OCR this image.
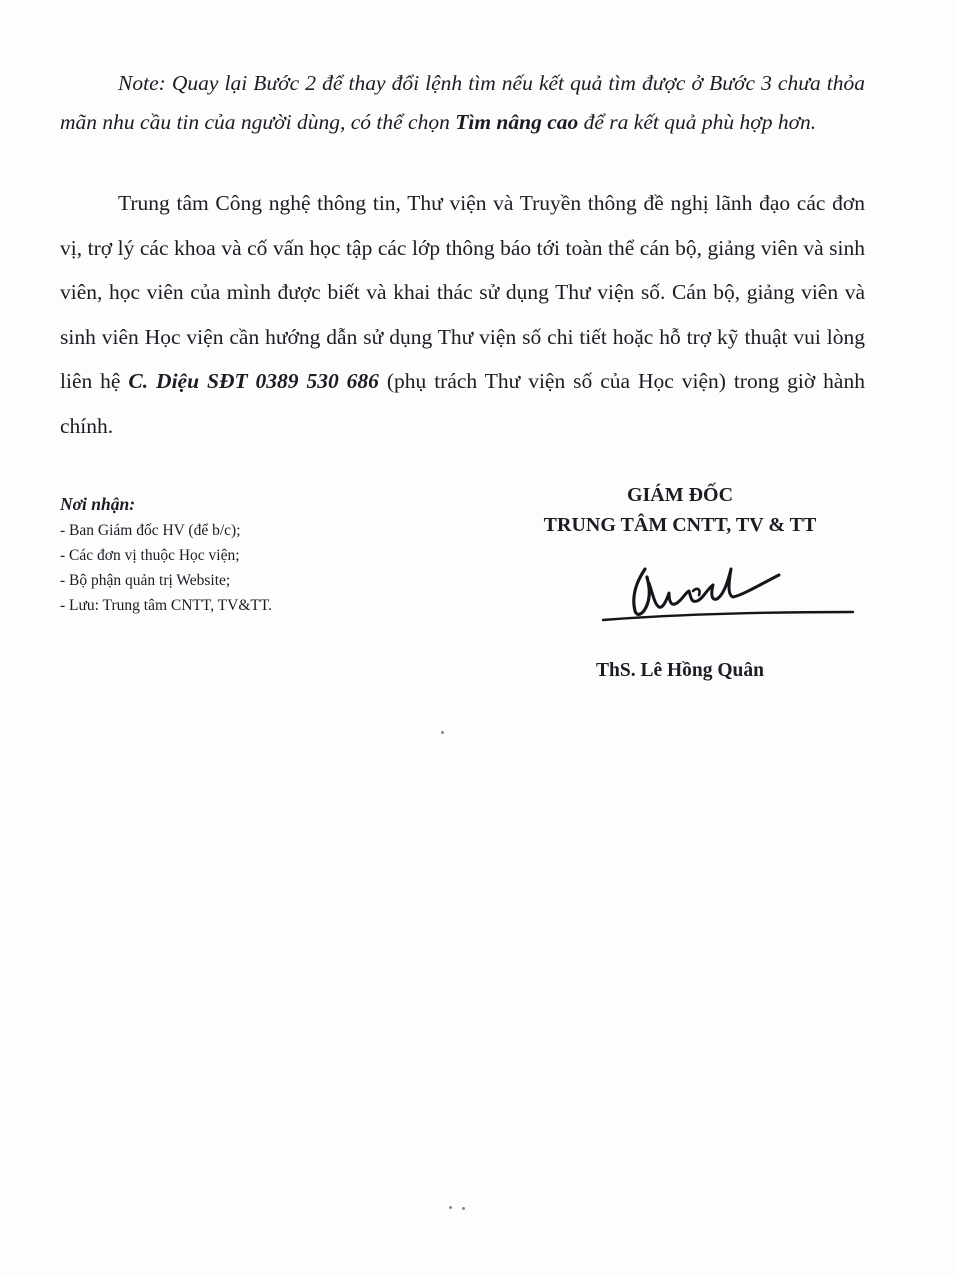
Note: Quay lại Bước 2 để thay đổi lệnh tìm nếu kết quả tìm được ở Bước 3 chưa thỏa mãn nhu cầu tin của người dùng, có thể chọn Tìm nâng cao để ra kết quả phù hợp hơn.

Trung tâm Công nghệ thông tin, Thư viện và Truyền thông đề nghị lãnh đạo các đơn vị, trợ lý các khoa và cố vấn học tập các lớp thông báo tới toàn thể cán bộ, giảng viên và sinh viên, học viên của mình được biết và khai thác sử dụng Thư viện số. Cán bộ, giảng viên và sinh viên Học viện cần hướng dẫn sử dụng Thư viện số chi tiết hoặc hỗ trợ kỹ thuật vui lòng liên hệ C. Diệu SĐT 0389 530 686 (phụ trách Thư viện số của Học viện) trong giờ hành chính.

Nơi nhận:

- Ban Giám đốc HV (để b/c);
- Các đơn vị thuộc Học viện;
- Bộ phận quản trị Website;
- Lưu: Trung tâm CNTT, TV&TT.

GIÁM ĐỐC

TRUNG TÂM CNTT, TV & TT

ThS. Lê Hồng Quân
